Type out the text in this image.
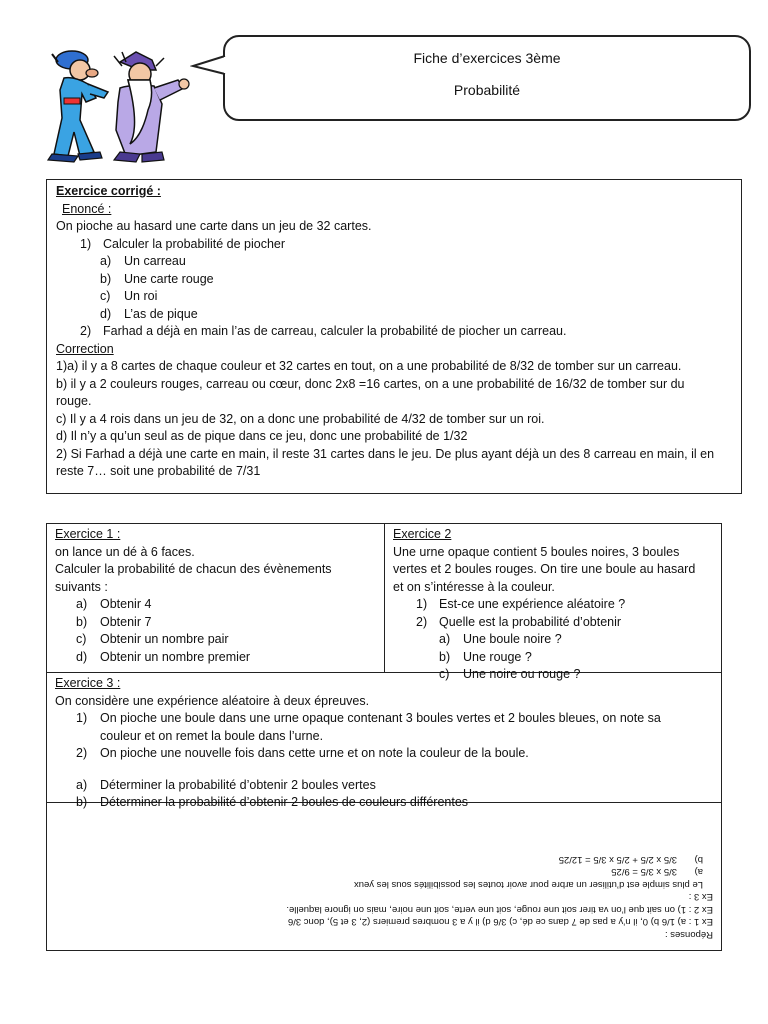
Fiche d’exercices 3ème
Probabilité

Exercice corrigé :

Enoncé :

On pioche au hasard une carte dans un jeu de 32 cartes.

1) Calculer la probabilité de piocher

a) Un carreau

b) Une carte rouge

c) Un roi

d) L’as de pique

2) Farhad a déjà en main l’as de carreau, calculer la probabilité de piocher un carreau.

Correction

1)a) il y a 8 cartes de chaque couleur et 32 cartes en tout, on a une probabilité de 8/32 de tomber sur un carreau.

b) il y a 2 couleurs rouges, carreau ou cœur, donc 2x8 =16 cartes, on a une probabilité de 16/32 de tomber sur du

rouge.

c) Il y a 4 rois dans un jeu de 32, on a donc une probabilité de 4/32 de tomber sur un roi.

d) Il n’y a qu’un seul as de pique dans ce jeu, donc une probabilité de 1/32

2) Si Farhad a déjà une carte en main, il reste 31 cartes dans le jeu. De plus ayant déjà un des 8 carreau en main, il en

reste 7… soit une probabilité de 7/31

Exercice 1 :

on lance un dé à 6 faces.

Calculer la probabilité de chacun des évènements

suivants :

a) Obtenir 4

b) Obtenir 7

c) Obtenir un nombre pair

d) Obtenir un nombre premier

Exercice 2

Une urne opaque contient 5 boules noires, 3 boules

vertes et 2 boules rouges. On tire une boule au hasard

et on s’intéresse à la couleur.

1) Est-ce une expérience aléatoire ?

2) Quelle est la probabilité d’obtenir

a) Une boule noire ?

b) Une rouge ?

c) Une noire ou rouge ?

Exercice 3 :

On considère une expérience aléatoire à deux épreuves.

1) On pioche une boule dans une urne opaque contenant 3 boules vertes et 2 boules bleues, on note sa

couleur et on remet la boule dans l’urne.

2) On pioche une nouvelle fois dans cette urne et on note la couleur de la boule.

a) Déterminer la probabilité d’obtenir 2 boules vertes

b) Déterminer la probabilité d’obtenir 2 boules de couleurs différentes

Réponses :

Ex 1 : a) 1/6 b) 0, il n’y a pas de 7 dans ce dé, c) 3/6 d) il y a 3 nombres premiers (2, 3 et 5), donc 3/6

Ex 2 : 1) on sait que l’on va tirer soit une rouge, soit une verte, soit une noire, mais on ignore laquelle.

Ex 3 :

Le plus simple est d’utiliser un arbre pour avoir toutes les possibilités sous les yeux

a)
3/5 x 3/5 = 9/25

b)
3/5 x 2/5 + 2/5 x 3/5 = 12/25
